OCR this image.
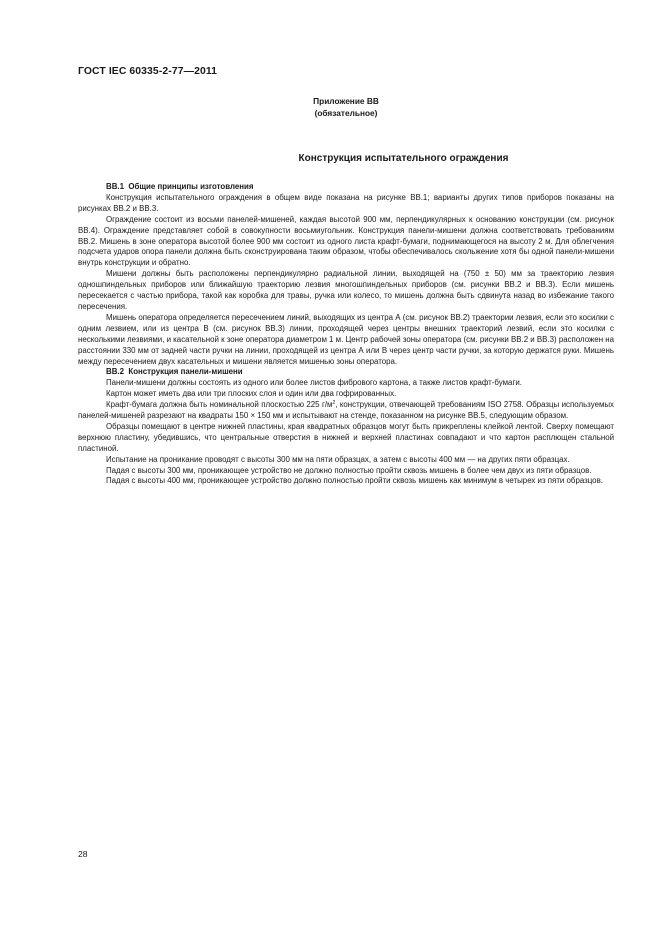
ГОСТ IEC 60335-2-77—2011
Приложение ВВ
(обязательное)
Конструкция испытательного ограждения
ВВ.1 Общие принципы изготовления

Конструкция испытательного ограждения в общем виде показана на рисунке ВВ.1; варианты других типов приборов показаны на рисунках ВВ.2 и ВВ.3.

Ограждение состоит из восьми панелей-мишеней, каждая высотой 900 мм, перпендикулярных к основанию конструкции (см. рисунок ВВ.4). Ограждение представляет собой в совокупности восьмиугольник. Конструкция панели-мишени должна соответствовать требованиям ВВ.2. Мишень в зоне оператора высотой более 900 мм состоит из одного листа крафт-бумаги, поднимающегося на высоту 2 м. Для облегчения подсчета ударов опора панели должна быть сконструирована таким образом, чтобы обеспечивалось скольжение хотя бы одной панели-мишени внутрь конструкции и обратно.

Мишени должны быть расположены перпендикулярно радиальной линии, выходящей на (750 ± 50) мм за траекторию лезвия одношпиндельных приборов или ближайшую траекторию лезвия многошпиндельных приборов (см. рисунки ВВ.2 и ВВ.3). Если мишень пересекается с частью прибора, такой как коробка для травы, ручка или колесо, то мишень должна быть сдвинута назад во избежание такого пересечения.

Мишень оператора определяется пересечением линий, выходящих из центра А (см. рисунок ВВ.2) траектории лезвия, если это косилки с одним лезвием, или из центра В (см. рисунок ВВ.3) линии, проходящей через центры внешних траекторий лезвий, если это косилки с несколькими лезвиями, и касательной к зоне оператора диаметром 1 м. Центр рабочей зоны оператора (см. рисунки ВВ.2 и ВВ.3) расположен на расстоянии 330 мм от задней части ручки на линии, проходящей из центра А или В через центр части ручки, за которую держатся руки. Мишень между пересечением двух касательных и мишени является мишенью зоны оператора.

ВВ.2 Конструкция панели-мишени

Панели-мишени должны состоять из одного или более листов фибрового картона, а также листов крафт-бумаги.

Картон может иметь два или три плоских слоя и один или два гофрированных.

Крафт-бумага должна быть номинальной плоскостью 225 $г/м^2$, конструкции, отвечающей требованиям ISO 2758. Образцы используемых панелей-мишеней разрезают на квадраты 150 × 150 мм и испытывают на стенде, показанном на рисунке ВВ.5, следующим образом.

Образцы помещают в центре нижней пластины, края квадратных образцов могут быть прикреплены клейкой лентой. Сверху помещают верхнюю пластину, убедившись, что центральные отверстия в нижней и верхней пластинах совпадают и что картон расплющен стальной пластиной.

Испытание на проникание проводят с высоты 300 мм на пяти образцах, а затем с высоты 400 мм — на других пяти образцах.

Падая с высоты 300 мм, проникающее устройство не должно полностью пройти сквозь мишень в более чем двух из пяти образцов.

Падая с высоты 400 мм, проникающее устройство должно полностью пройти сквозь мишень как минимум в четырех из пяти образцов.

28
